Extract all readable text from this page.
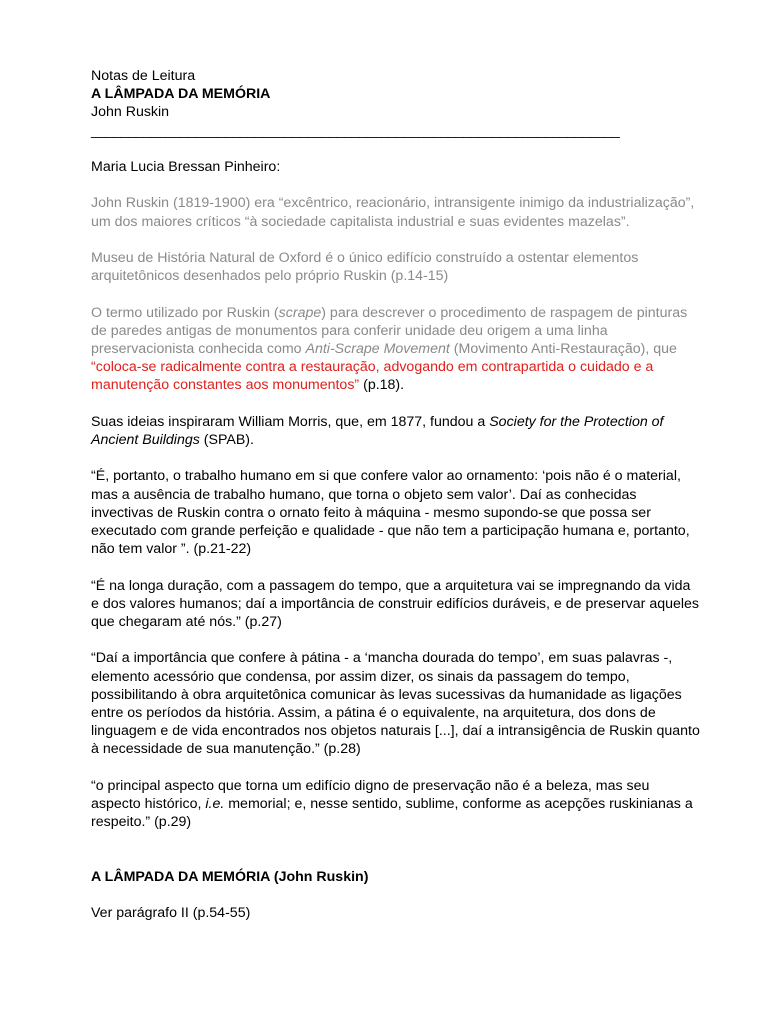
Notas de Leitura
A LÂMPADA DA MEMÓRIA
John Ruskin
_______________________________________________________________________
Maria Lucia Bressan Pinheiro:

John Ruskin (1819-1900) era “excêntrico, reacionário, intransigente inimigo da industrialização”, um dos maiores críticos “à sociedade capitalista industrial e suas evidentes mazelas”.

Museu de História Natural de Oxford é o único edifício construído a ostentar elementos arquitetônicos desenhados pelo próprio Ruskin (p.14-15)

O termo utilizado por Ruskin (scrape) para descrever o procedimento de raspagem de pinturas de paredes antigas de monumentos para conferir unidade deu origem a uma linha preservacionista conhecida como Anti-Scrape Movement (Movimento Anti-Restauração), que “coloca-se radicalmente contra a restauração, advogando em contrapartida o cuidado e a manutenção constantes aos monumentos” (p.18).

Suas ideias inspiraram William Morris, que, em 1877, fundou a Society for the Protection of Ancient Buildings (SPAB).

“É, portanto, o trabalho humano em si que confere valor ao ornamento: ‘pois não é o material, mas a ausência de trabalho humano, que torna o objeto sem valor’. Daí as conhecidas invectivas de Ruskin contra o ornato feito à máquina - mesmo supondo-se que possa ser executado com grande perfeição e qualidade - que não tem a participação humana e, portanto, não tem valor ”. (p.21-22)

“É na longa duração, com a passagem do tempo, que a arquitetura vai se impregnando da vida e dos valores humanos; daí a importância de construir edifícios duráveis, e de preservar aqueles que chegaram até nós.” (p.27)

“Daí a importância que confere à pátina - a ‘mancha dourada do tempo’, em suas palavras -, elemento acessório que condensa, por assim dizer, os sinais da passagem do tempo, possibilitando à obra arquitetônica comunicar às levas sucessivas da humanidade as ligações entre os períodos da história. Assim, a pátina é o equivalente, na arquitetura, dos dons de linguagem e de vida encontrados nos objetos naturais [...], daí a intransigência de Ruskin quanto à necessidade de sua manutenção.” (p.28)

“o principal aspecto que torna um edifício digno de preservação não é a beleza, mas seu aspecto histórico, i.e. memorial; e, nesse sentido, sublime, conforme as acepções ruskinianas a respeito.” (p.29)

A LÂMPADA DA MEMÓRIA (John Ruskin)
Ver parágrafo II (p.54-55)
